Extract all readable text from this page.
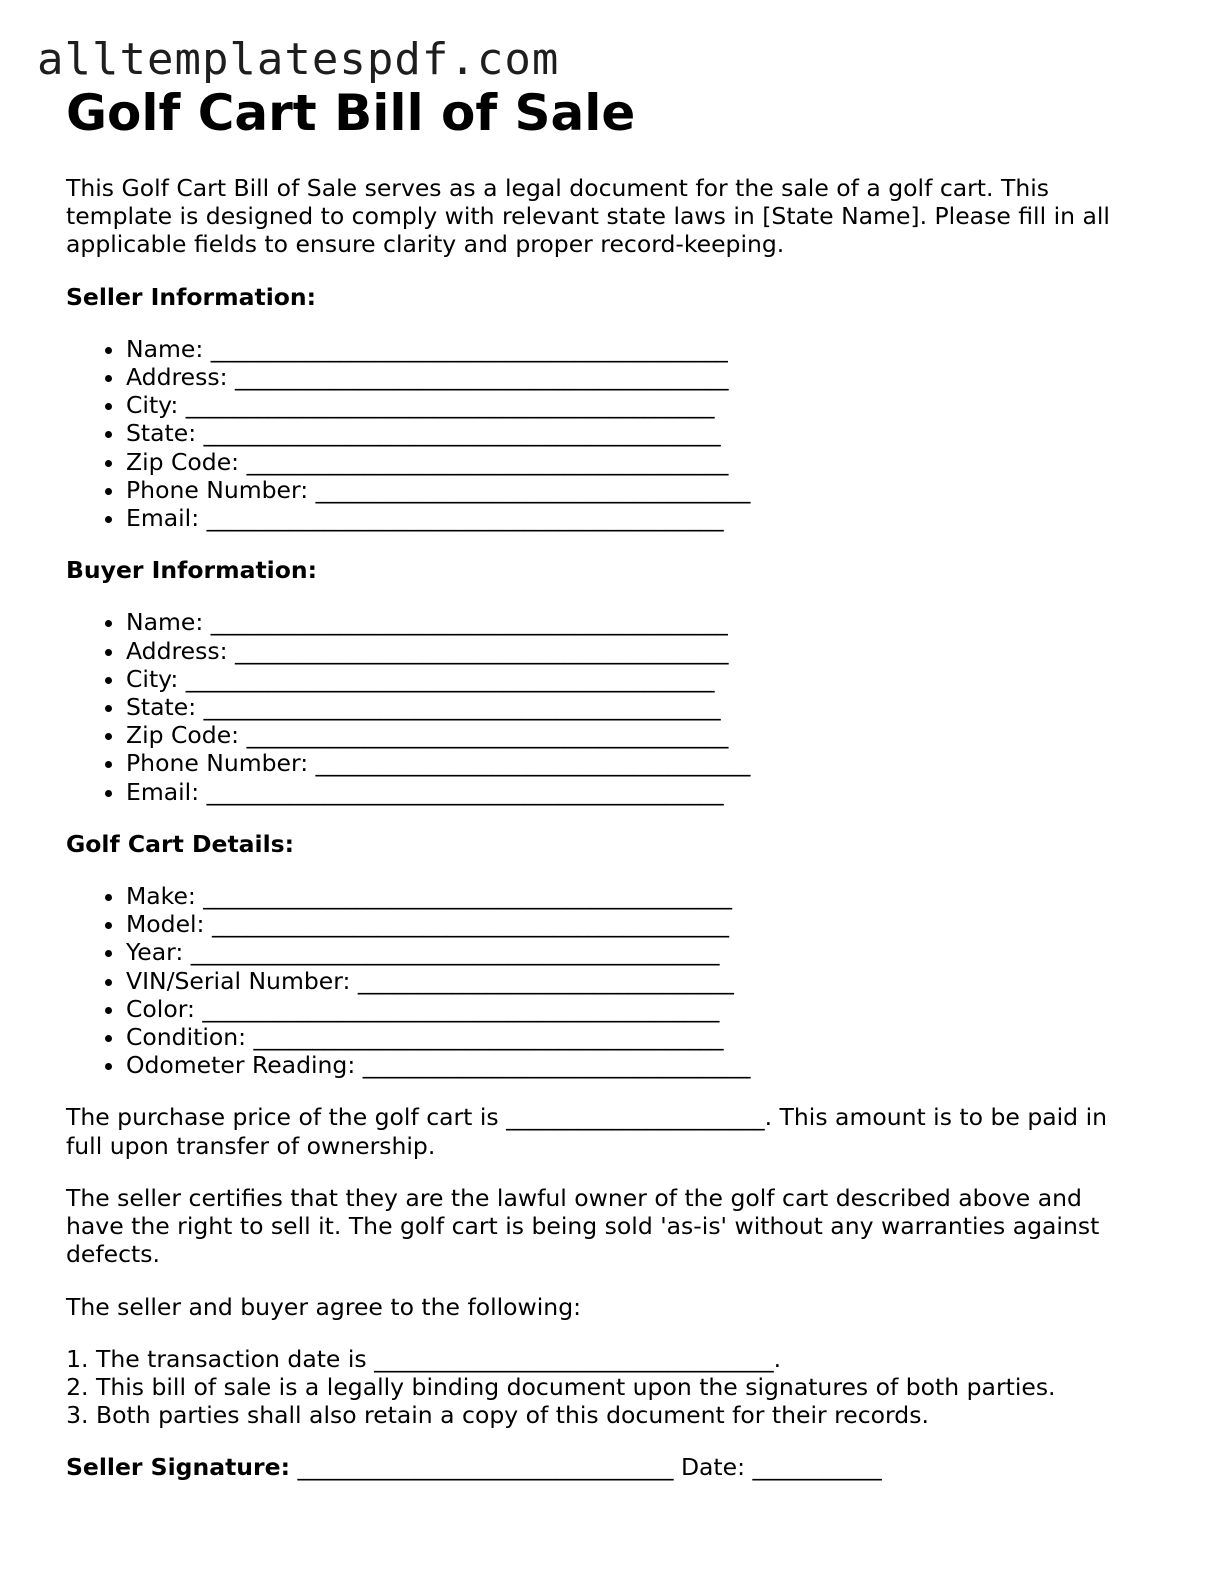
alltemplatespdf.com
Golf Cart Bill of Sale

This Golf Cart Bill of Sale serves as a legal document for the sale of a golf cart. This template is designed to comply with relevant state laws in [State Name]. Please fill in all applicable fields to ensure clarity and proper record-keeping.

Seller Information:
• Name: ____________________________________________
• Address: __________________________________________
• City: _____________________________________________
• State: ____________________________________________
• Zip Code: _________________________________________
• Phone Number: _____________________________________
• Email: ____________________________________________
Buyer Information:
• Name: ____________________________________________
• Address: __________________________________________
• City: _____________________________________________
• State: ____________________________________________
• Zip Code: _________________________________________
• Phone Number: _____________________________________
• Email: ____________________________________________
Golf Cart Details:
• Make: _____________________________________________
• Model: ____________________________________________
• Year: _____________________________________________
• VIN/Serial Number: ________________________________
• Color: ____________________________________________
• Condition: ________________________________________
• Odometer Reading: _________________________________

The purchase price of the golf cart is ______________________. This amount is to be paid in full upon transfer of ownership.

The seller certifies that they are the lawful owner of the golf cart described above and have the right to sell it. The golf cart is being sold 'as-is' without any warranties against defects.

The seller and buyer agree to the following:

1. The transaction date is __________________________________.
2. This bill of sale is a legally binding document upon the signatures of both parties.
3. Both parties shall also retain a copy of this document for their records.
Seller Signature: ________________________________ Date: ___________
